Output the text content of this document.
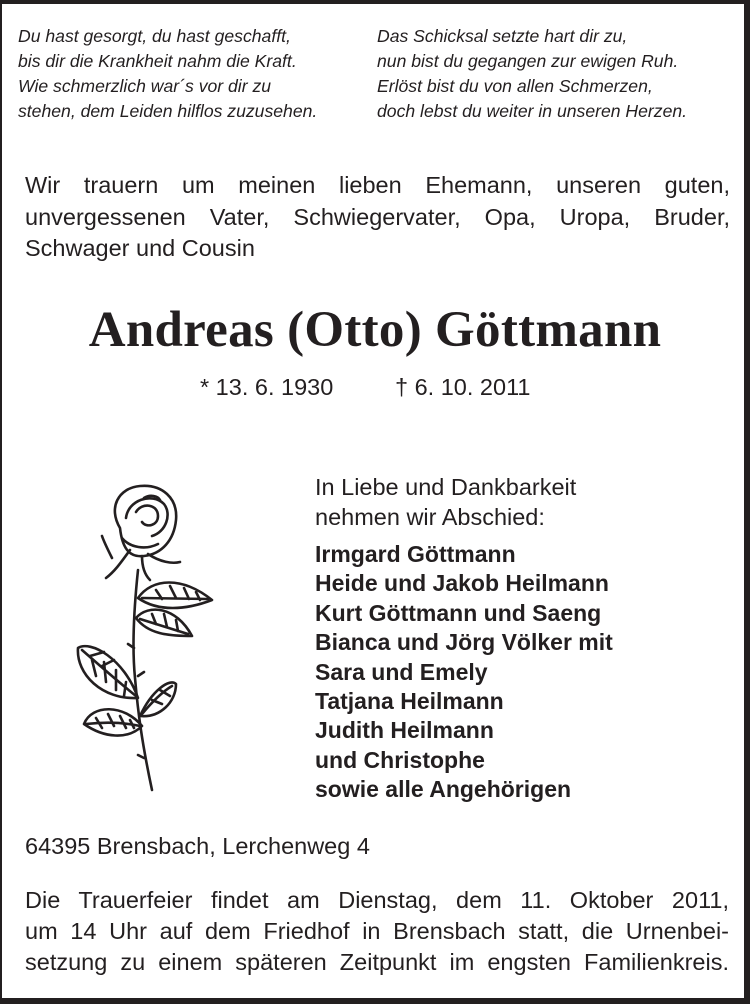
Du hast gesorgt, du hast geschafft,
bis dir die Krankheit nahm die Kraft.
Wie schmerzlich war´s vor dir zu
stehen, dem Leiden hilflos zuzusehen.
Das Schicksal setzte hart dir zu,
nun bist du gegangen zur ewigen Ruh.
Erlöst bist du von allen Schmerzen,
doch lebst du weiter in unseren Herzen.
Wir trauern um meinen lieben Ehemann, unseren guten,
unvergessenen Vater, Schwiegervater, Opa, Uropa, Bruder,
Schwager und Cousin
Andreas (Otto) Göttmann
* 13. 6. 1930	† 6. 10. 2011
In Liebe und Dankbarkeit
nehmen wir Abschied:
Irmgard Göttmann
Heide und Jakob Heilmann
Kurt Göttmann und Saeng
Bianca und Jörg Völker mit
Sara und Emely
Tatjana Heilmann
Judith Heilmann
und Christophe
sowie alle Angehörigen
64395 Brensbach, Lerchenweg 4
Die Trauerfeier findet am Dienstag, dem 11. Oktober 2011,
um 14 Uhr auf dem Friedhof in Brensbach statt, die Urnenbei-
setzung zu einem späteren Zeitpunkt im engsten Familienkreis.
